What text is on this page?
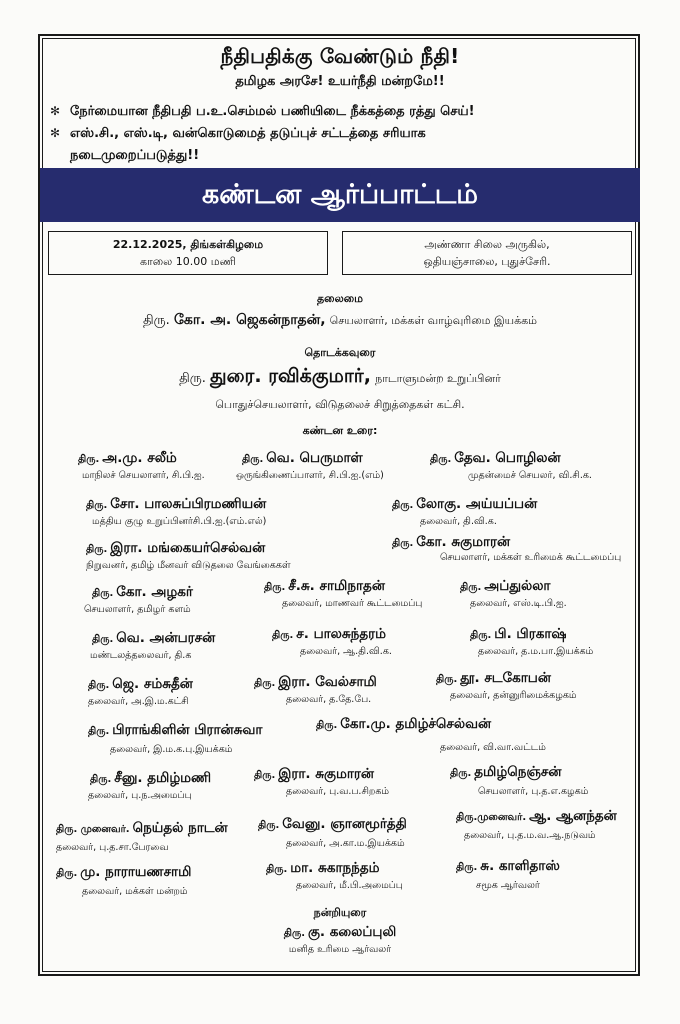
நீதிபதிக்கு வேண்டும் நீதி!
தமிழக அரசே! உயர்நீதி மன்றமே!!
✻ நேர்மையான நீதிபதி ப.உ.செம்மல் பணியிடை நீக்கத்தை ரத்து செய்!
✻ எஸ்.சி., எஸ்.டி, வன்கொடுமைத் தடுப்புச் சட்டத்தை சரியாக
நடைமுறைப்படுத்து!!
கண்டன ஆர்ப்பாட்டம்
22.12.2025, திங்கள்கிழமை
காலை 10.00 மணி
அண்ணா சிலை அருகில்,
ஒதியஞ்சாலை, புதுச்சேரி.
தலைமை
திரு. கோ. அ. ஜெகன்நாதன், செயலாளர், மக்கள் வாழ்வுரிமை இயக்கம்
தொடக்கவுரை
திரு. துரை. ரவிக்குமார், நாடாளுமன்ற உறுப்பினர்
பொதுச்செயலாளர், விடுதலைச் சிறுத்தைகள் கட்சி.
கண்டன உரை:
திரு. அ.மு. சலீம்
மாநிலச் செயலாளர், சி.பி.ஐ.
திரு. வெ. பெருமாள்
ஒருங்கிணைப்பாளர், சி.பி.ஐ.(எம்)
திரு. தேவ. பொழிலன்
முதன்மைச் செயலர், வி.சி.க.
திரு. சோ. பாலசுப்பிரமணியன்
மத்திய குழு உறுப்பினர்சி.பி.ஐ.(எம்.எல்)
திரு. லோகு. அய்யப்பன்
தலைவர், தி.வி.க.
திரு. இரா. மங்கையர்செல்வன்
நிறுவனர், தமிழ் மீனவர் விடுதலை வேங்கைகள்
திரு. கோ. சுகுமாரன்
செயலாளர், மக்கள் உரிமைக் கூட்டமைப்பு
திரு. கோ. அழகர்
செயலாளர், தமிழர் களம்
திரு. சீ.சு. சாமிநாதன்
தலைவர், மாணவர் கூட்டமைப்பு
திரு. அப்துல்லா
தலைவர், எஸ்.டி.பி.ஐ.
திரு. வெ. அன்பரசன்
மண்டலத்தலைவர், தி.க
திரு. ச. பாலசுந்தரம்
தலைவர், ஆ.தி.வி.க.
திரு. பி. பிரகாஷ்
தலைவர், த.ம.பா.இயக்கம்
திரு. ஜெ. சம்சுதீன்
தலைவர், அ.இ.ம.கட்சி
திரு. இரா. வேல்சாமி
தலைவர், த.தே.பே.
திரு. தூ. சடகோபன்
தலைவர், தன்னுரிமைக்கழகம்
திரு. பிராங்கிளின் பிரான்சுவா
தலைவர், இ.ம.க.பு.இயக்கம்
திரு. கோ.மு. தமிழ்ச்செல்வன்
தலைவர், வி.வா.வட்டம்
திரு. சீனு. தமிழ்மணி
தலைவர், பு.ந.அமைப்பு
திரு. இரா. சுகுமாரன்
தலைவர், பு.வ.ப.சிறகம்
திரு. தமிழ்நெஞ்சன்
செயலாளர், பு.த.எ.கழகம்
திரு. முனைவர். நெய்தல் நாடன்
தலைவர், பு.த.சா.பேரவை
திரு. வேனு. ஞானமூர்த்தி
தலைவர், அ.கா.ம.இயக்கம்
திரு.முனைவர். ஆ. ஆனந்தன்
தலைவர், பு.த.ம.வ.ஆ.நடுவம்
திரு. மு. நாராயணசாமி
தலைவர், மக்கள் மன்றம்
திரு. மா. சுகாநந்தம்
தலைவர், மீ.பி.அமைப்பு
திரு. சு. காளிதாஸ்
சமூக ஆர்வலர்
நன்றியுரை
திரு. கு. கலைப்புலி
மனித உரிமை ஆர்வலர்
